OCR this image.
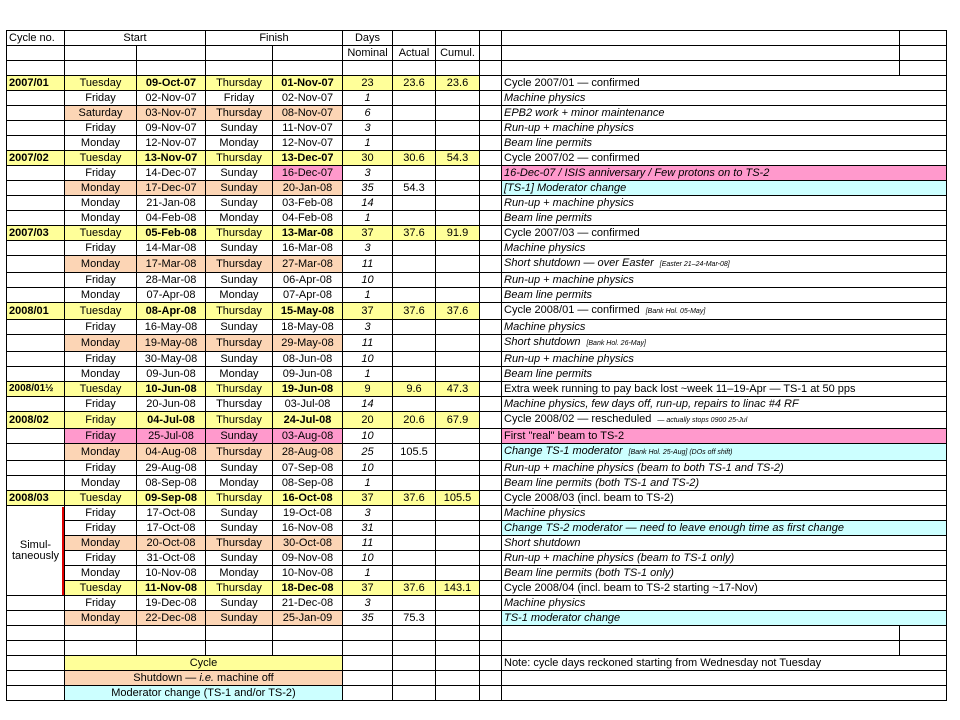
Cycle no.	Start		Finish		Days					
					Nominal	Actual	Cumul.			

2007/01	Tuesday	09-Oct-07	Thursday	01-Nov-07	23	23.6	23.6		Cycle 2007/01 — confirmed	
	Friday	02-Nov-07	Friday	02-Nov-07	1				Machine physics	
	Saturday	03-Nov-07	Thursday	08-Nov-07	6				EPB2 work + minor maintenance	
	Friday	09-Nov-07	Sunday	11-Nov-07	3				Run-up + machine physics	
	Monday	12-Nov-07	Monday	12-Nov-07	1				Beam line permits	
2007/02	Tuesday	13-Nov-07	Thursday	13-Dec-07	30	30.6	54.3		Cycle 2007/02 — confirmed	
	Friday	14-Dec-07	Sunday	16-Dec-07	3				16-Dec-07 / ISIS anniversary / Few protons on to TS-2	
	Monday	17-Dec-07	Sunday	20-Jan-08	35	54.3			[TS-1] Moderator change	
	Monday	21-Jan-08	Sunday	03-Feb-08	14				Run-up + machine physics	
	Monday	04-Feb-08	Monday	04-Feb-08	1				Beam line permits	
2007/03	Tuesday	05-Feb-08	Thursday	13-Mar-08	37	37.6	91.9		Cycle 2007/03 — confirmed	
	Friday	14-Mar-08	Sunday	16-Mar-08	3				Machine physics	
	Monday	17-Mar-08	Thursday	27-Mar-08	11				Short shutdown — over Easter [Easter 21–24-Mar-08]	
	Friday	28-Mar-08	Sunday	06-Apr-08	10				Run-up + machine physics	
	Monday	07-Apr-08	Monday	07-Apr-08	1				Beam line permits	
2008/01	Tuesday	08-Apr-08	Thursday	15-May-08	37	37.6	37.6		Cycle 2008/01 — confirmed [Bank Hol. 05-May]	
	Friday	16-May-08	Sunday	18-May-08	3				Machine physics	
	Monday	19-May-08	Thursday	29-May-08	11				Short shutdown [Bank Hol. 26-May]	
	Friday	30-May-08	Sunday	08-Jun-08	10				Run-up + machine physics	
	Monday	09-Jun-08	Monday	09-Jun-08	1				Beam line permits	
2008/01½	Tuesday	10-Jun-08	Thursday	19-Jun-08	9	9.6	47.3		Extra week running to pay back lost ~week 11–19-Apr — TS-1 at 50 pps	
	Friday	20-Jun-08	Thursday	03-Jul-08	14				Machine physics, few days off, run-up, repairs to linac #4 RF	
2008/02	Friday	04-Jul-08	Thursday	24-Jul-08	20	20.6	67.9		Cycle 2008/02 — rescheduled — actually stops 0900 25-Jul	
	Friday	25-Jul-08	Sunday	03-Aug-08	10				First "real" beam to TS-2	
	Monday	04-Aug-08	Thursday	28-Aug-08	25	105.5			Change TS-1 moderator [Bank Hol. 25-Aug] (DOs off shift)	
	Friday	29-Aug-08	Sunday	07-Sep-08	10				Run-up + machine physics (beam to both TS-1 and TS-2)	
	Monday	08-Sep-08	Monday	08-Sep-08	1				Beam line permits (both TS-1 and TS-2)	
2008/03	Tuesday	09-Sep-08	Thursday	16-Oct-08	37	37.6	105.5		Cycle 2008/03 (incl. beam to TS-2)	
Simul-
taneously	Friday	17-Oct-08	Sunday	19-Oct-08	3				Machine physics	
	Friday	17-Oct-08	Sunday	16-Nov-08	31				Change TS-2 moderator — need to leave enough time as first change	
	Monday	20-Oct-08	Thursday	30-Oct-08	11				Short shutdown	
	Friday	31-Oct-08	Sunday	09-Nov-08	10				Run-up + machine physics (beam to TS-1 only)	
	Monday	10-Nov-08	Monday	10-Nov-08	1				Beam line permits (both TS-1 only)	
	Tuesday	11-Nov-08	Thursday	18-Dec-08	37	37.6	143.1		Cycle 2008/04 (incl. beam to TS-2 starting ~17-Nov)	
	Friday	19-Dec-08	Sunday	21-Dec-08	3				Machine physics	
	Monday	22-Dec-08	Sunday	25-Jan-09	35	75.3			TS-1 moderator change	

	Cycle								Note: cycle days reckoned starting from Wednesday not Tuesday	
	Shutdown — i.e. machine off									
	Moderator change (TS-1 and/or TS-2)									
